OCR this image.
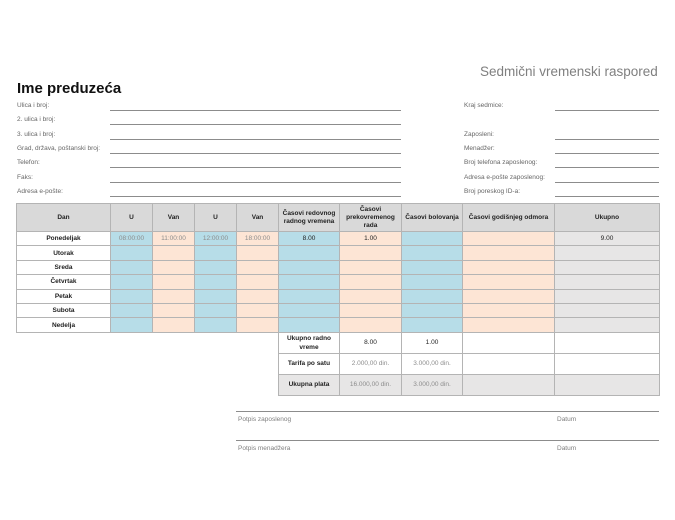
Sedmični vremenski raspored
Ime preduzeća
Ulica i broj:
2. ulica i broj:
3. ulica i broj:
Grad, država, poštanski broj:
Telefon:
Faks:
Adresa e-pošte:
Kraj sedmice:
Zaposleni:
Menadžer:
Broj telefona zaposlenog:
Adresa e-pošte zaposlenog:
Broj poreskog ID-a:
Dan	U	Van	U	Van	Časovi redovnog radnog vremena	Časovi prekovremenog rada	Časovi bolovanja	Časovi godišnjeg odmora	Ukupno	
Ponedeljak	08:00:00	11:00:00	12:00:00	18:00:00	8.00	1.00			9.00	
Utorak										
Sreda										
Četvrtak										
Petak										
Subota										
Nedelja										
					Ukupno radno vreme	8.00	1.00			
					Tarifa po satu	2.000,00 din.	3.000,00 din.			
					Ukupna plata	16.000,00 din.	3.000,00 din.			
Potpis zaposlenog	Datum
Potpis menadžera	Datum
